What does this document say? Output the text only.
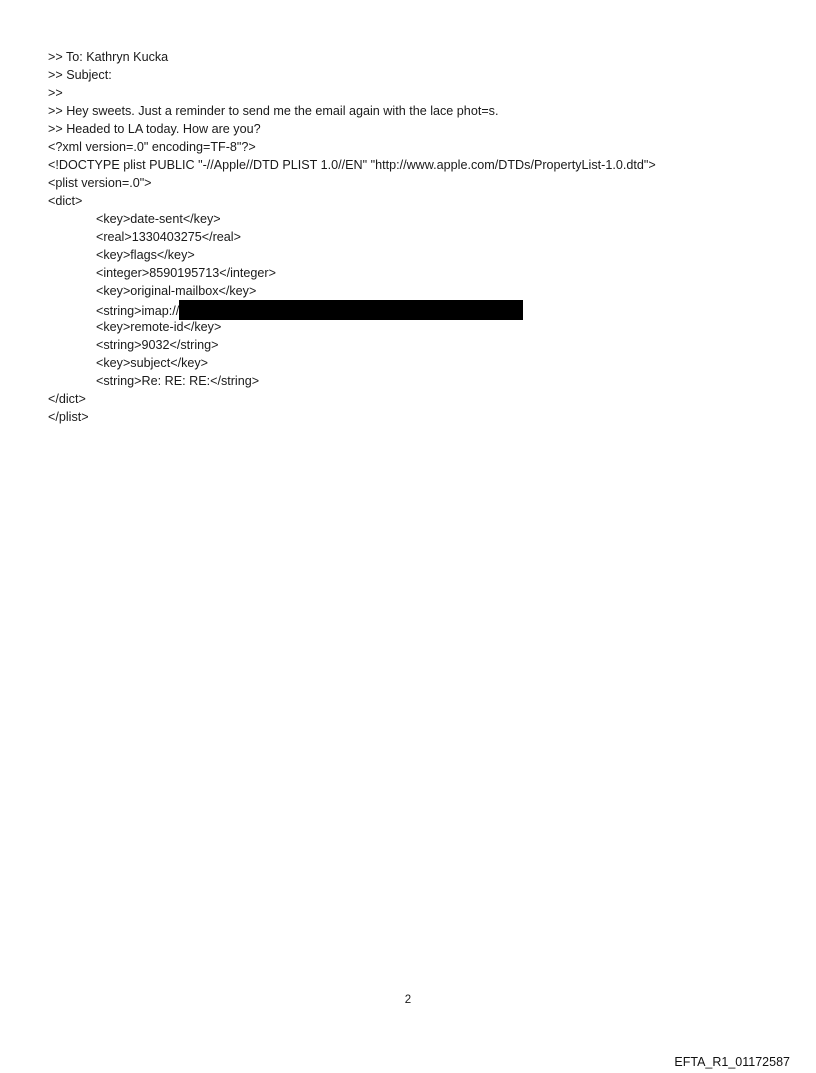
>> To: Kathryn Kucka
>> Subject:
>>
>> Hey sweets. Just a reminder to send me the email again with the lace phot=s.
>> Headed to LA today. How are you?
<?xml version=.0" encoding=TF-8"?>
<!DOCTYPE plist PUBLIC "-//Apple//DTD PLIST 1.0//EN" "http://www.apple.com/DTDs/PropertyList-1.0.dtd">
<plist version=.0">
<dict>
<key>date-sent</key>
<real>1330403275</real>
<key>flags</key>
<integer>8590195713</integer>
<key>original-mailbox</key>
<string>imap://
<key>remote-id</key>
<string>9032</string>
<key>subject</key>
<string>Re: RE: RE:</string>
</dict>
</plist>
2
EFTA_R1_01172587
